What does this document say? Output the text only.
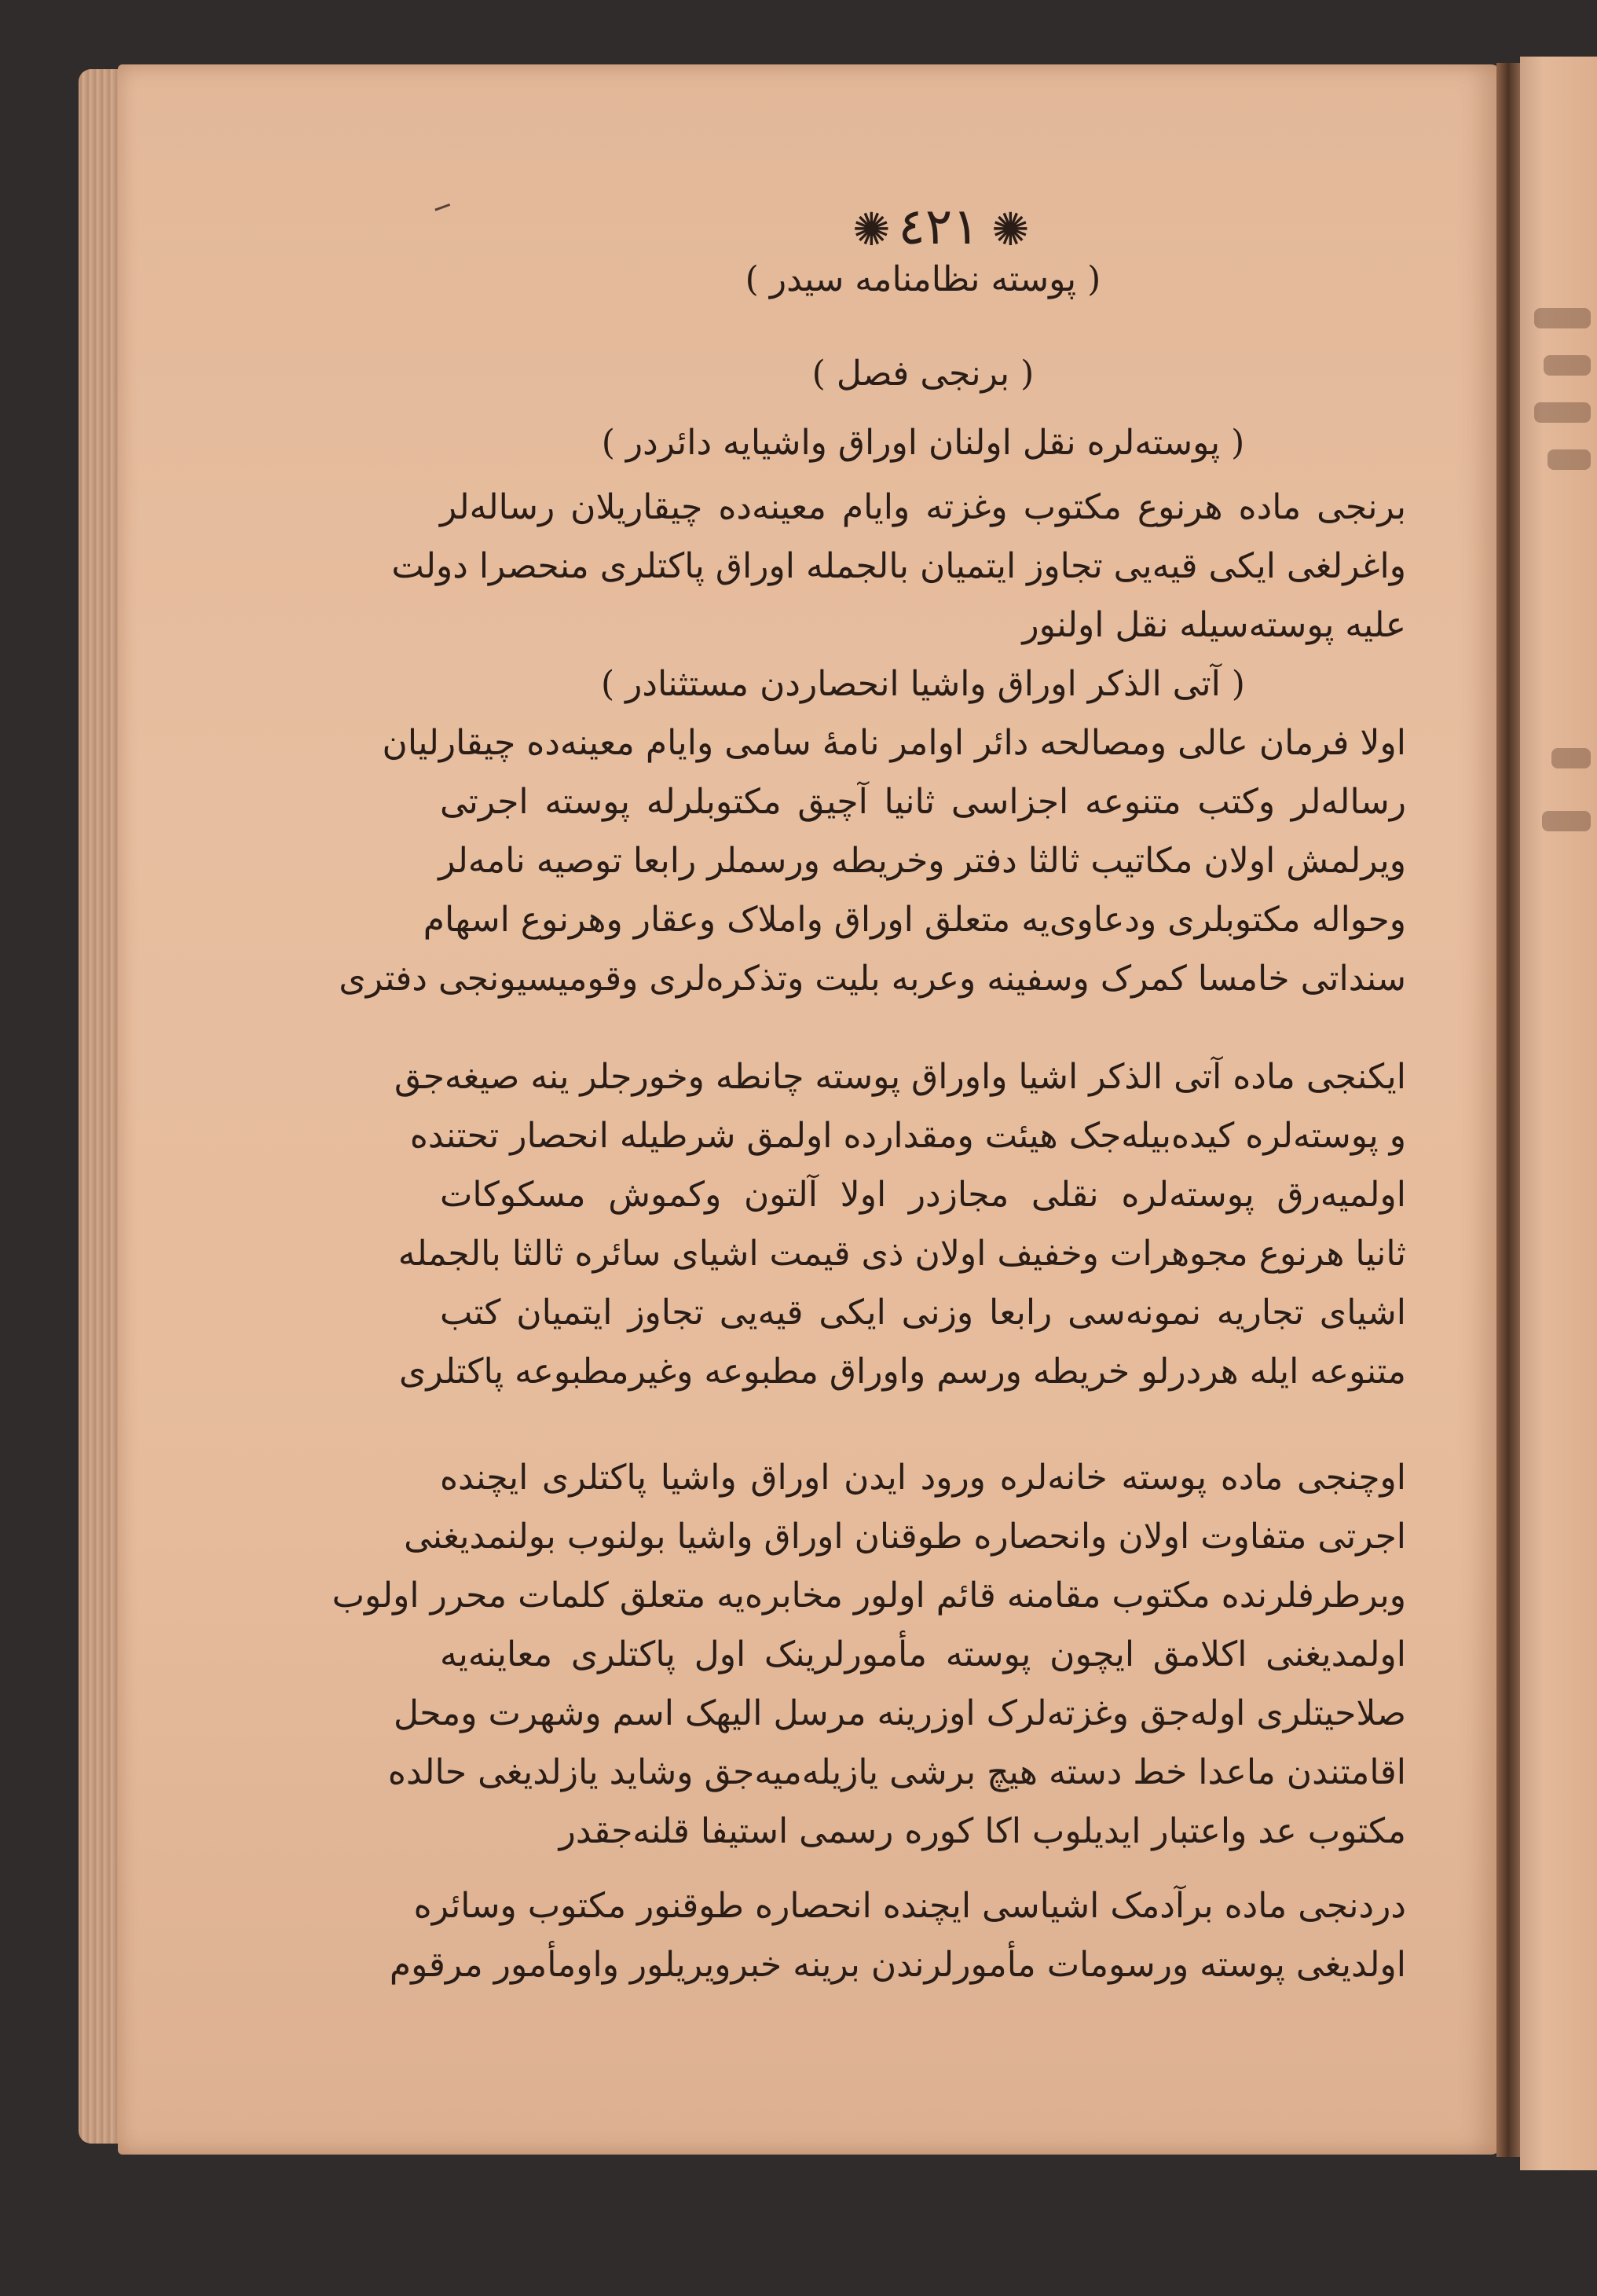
✺ ٤٢١ ✺
( پوسته نظامنامه سیدر )
( برنجی فصل )
( پوسته‌لره نقل اولنان اوراق واشیایه دائردر )
برنجی ماده هرنوع مکتوب وغزته وایام معینه‌ده چیقاریلان رساله‌لر
واغرلغی ایکی قیه‌یی تجاوز ایتمیان بالجمله اوراق پاکتلری منحصرا دولت
علیه پوسته‌سیله نقل اولنور
( آتی الذکر اوراق واشیا انحصاردن مستثنادر )
اولا فرمان عالی ومصالحه دائر اوامر نامهٔ سامی وایام معینه‌ده چیقارلیان
رساله‌لر وکتب متنوعه اجزاسی ثانیا آچیق مکتوبلرله پوسته اجرتی
ویرلمش اولان مکاتیب ثالثا دفتر وخریطه ورسملر رابعا توصیه نامه‌لر
وحواله مکتوبلری ودعاوی‌یه متعلق اوراق واملاک وعقار وهرنوع اسهام
سنداتی خامسا کمرک وسفینه وعربه بلیت وتذکره‌لری وقومیسیونجی دفتری
ایکنجی ماده آتی الذکر اشیا واوراق پوسته چانطه وخورجلر ینه صیغه‌جق
و پوسته‌لره کیده‌بیله‌جک هیئت ومقدارده اولمق شرطیله انحصار تحتنده
اولمیه‌رق پوسته‌لره نقلی مجازدر اولا آلتون وکموش مسکوکات
ثانیا هرنوع مجوهرات وخفیف اولان ذی قیمت اشیای سائره ثالثا بالجمله
اشیای تجاریه نمونه‌سی رابعا وزنی ایکی قیه‌یی تجاوز ایتمیان کتب
متنوعه ایله هردرلو خریطه ورسم واوراق مطبوعه وغیرمطبوعه پاکتلری
اوچنجی ماده پوسته خانه‌لره ورود ایدن اوراق واشیا پاکتلری ایچنده
اجرتی متفاوت اولان وانحصاره طوقنان اوراق واشیا بولنوب بولنمدیغنی
وبرطرفلرنده مکتوب مقامنه قائم اولور مخابره‌یه متعلق کلمات محرر اولوب
اولمدیغنی اکلامق ایچون پوسته مأمورلرینک اول پاکتلری معاینه‌یه
صلاحیتلری اوله‌جق وغزته‌لرک اوزرینه مرسل الیهک اسم وشهرت ومحل
اقامتندن ماعدا خط دسته هیچ برشی یازیله‌میه‌جق وشاید یازلدیغی حالده
مکتوب عد واعتبار ایدیلوب اکا کوره رسمی استیفا قلنه‌جقدر
دردنجی ماده برآدمک اشیاسی ایچنده انحصاره طوقنور مکتوب وسائره
اولدیغی پوسته ورسومات مأمورلرندن برینه خبرویریلور واومأمور مرقوم
